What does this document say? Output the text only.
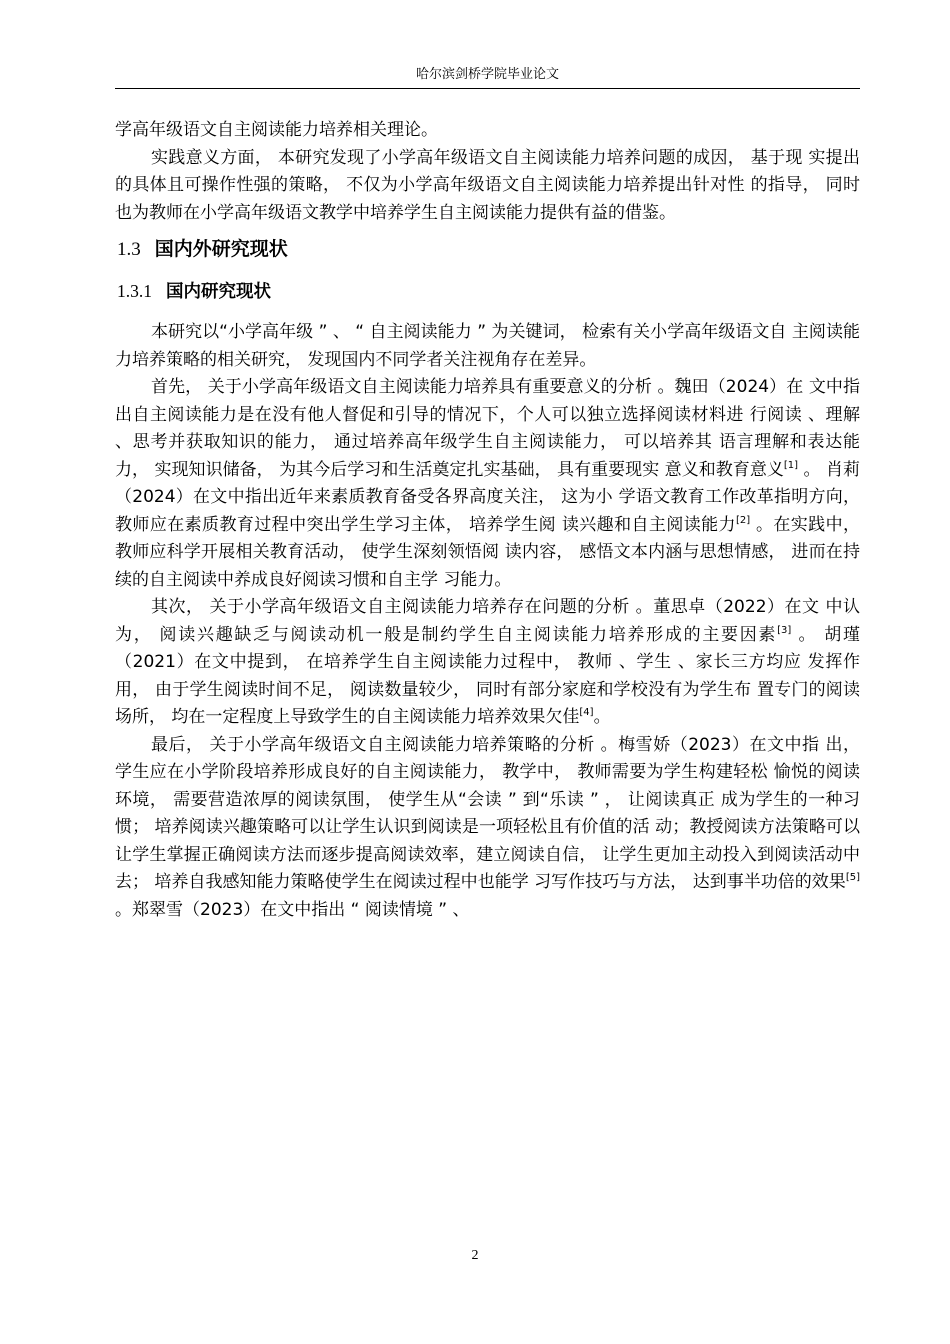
哈尔滨剑桥学院毕业论文

学高年级语文自主阅读能力培养相关理论。

实践意义方面， 本研究发现了小学高年级语文自主阅读能力培养问题的成因， 基于现 实提出的具体且可操作性强的策略， 不仅为小学高年级语文自主阅读能力培养提出针对性 的指导， 同时也为教师在小学高年级语文教学中培养学生自主阅读能力提供有益的借鉴。

1.3 国内外研究现状
1.3.1 国内研究现状

本研究以“小学高年级 ” 、 “ 自主阅读能力 ” 为关键词， 检索有关小学高年级语文自 主阅读能力培养策略的相关研究， 发现国内不同学者关注视角存在差异。

首先， 关于小学高年级语文自主阅读能力培养具有重要意义的分析 。魏田（2024）在 文中指出自主阅读能力是在没有他人督促和引导的情况下，个人可以独立选择阅读材料进 行阅读 、理解 、思考并获取知识的能力， 通过培养高年级学生自主阅读能力， 可以培养其 语言理解和表达能力， 实现知识储备， 为其今后学习和生活奠定扎实基础， 具有重要现实 意义和教育意义[1] 。 肖莉（2024）在文中指出近年来素质教育备受各界高度关注， 这为小 学语文教育工作改革指明方向， 教师应在素质教育过程中突出学生学习主体， 培养学生阅 读兴趣和自主阅读能力[2] 。在实践中， 教师应科学开展相关教育活动， 使学生深刻领悟阅 读内容， 感悟文本内涵与思想情感， 进而在持续的自主阅读中养成良好阅读习惯和自主学 习能力。

其次， 关于小学高年级语文自主阅读能力培养存在问题的分析 。董思卓（2022）在文 中认为， 阅读兴趣缺乏与阅读动机一般是制约学生自主阅读能力培养形成的主要因素[3] 。 胡瑾（2021）在文中提到， 在培养学生自主阅读能力过程中， 教师 、学生 、家长三方均应 发挥作用， 由于学生阅读时间不足， 阅读数量较少， 同时有部分家庭和学校没有为学生布 置专门的阅读场所， 均在一定程度上导致学生的自主阅读能力培养效果欠佳[4]。

最后， 关于小学高年级语文自主阅读能力培养策略的分析 。梅雪娇（2023）在文中指 出， 学生应在小学阶段培养形成良好的自主阅读能力， 教学中， 教师需要为学生构建轻松 愉悦的阅读环境， 需要营造浓厚的阅读氛围， 使学生从“会读 ” 到“乐读 ” ， 让阅读真正 成为学生的一种习惯； 培养阅读兴趣策略可以让学生认识到阅读是一项轻松且有价值的活 动；教授阅读方法策略可以让学生掌握正确阅读方法而逐步提高阅读效率，建立阅读自信， 让学生更加主动投入到阅读活动中去； 培养自我感知能力策略使学生在阅读过程中也能学 习写作技巧与方法， 达到事半功倍的效果[5] 。郑翠雪（2023）在文中指出 “ 阅读情境 ” 、

2
